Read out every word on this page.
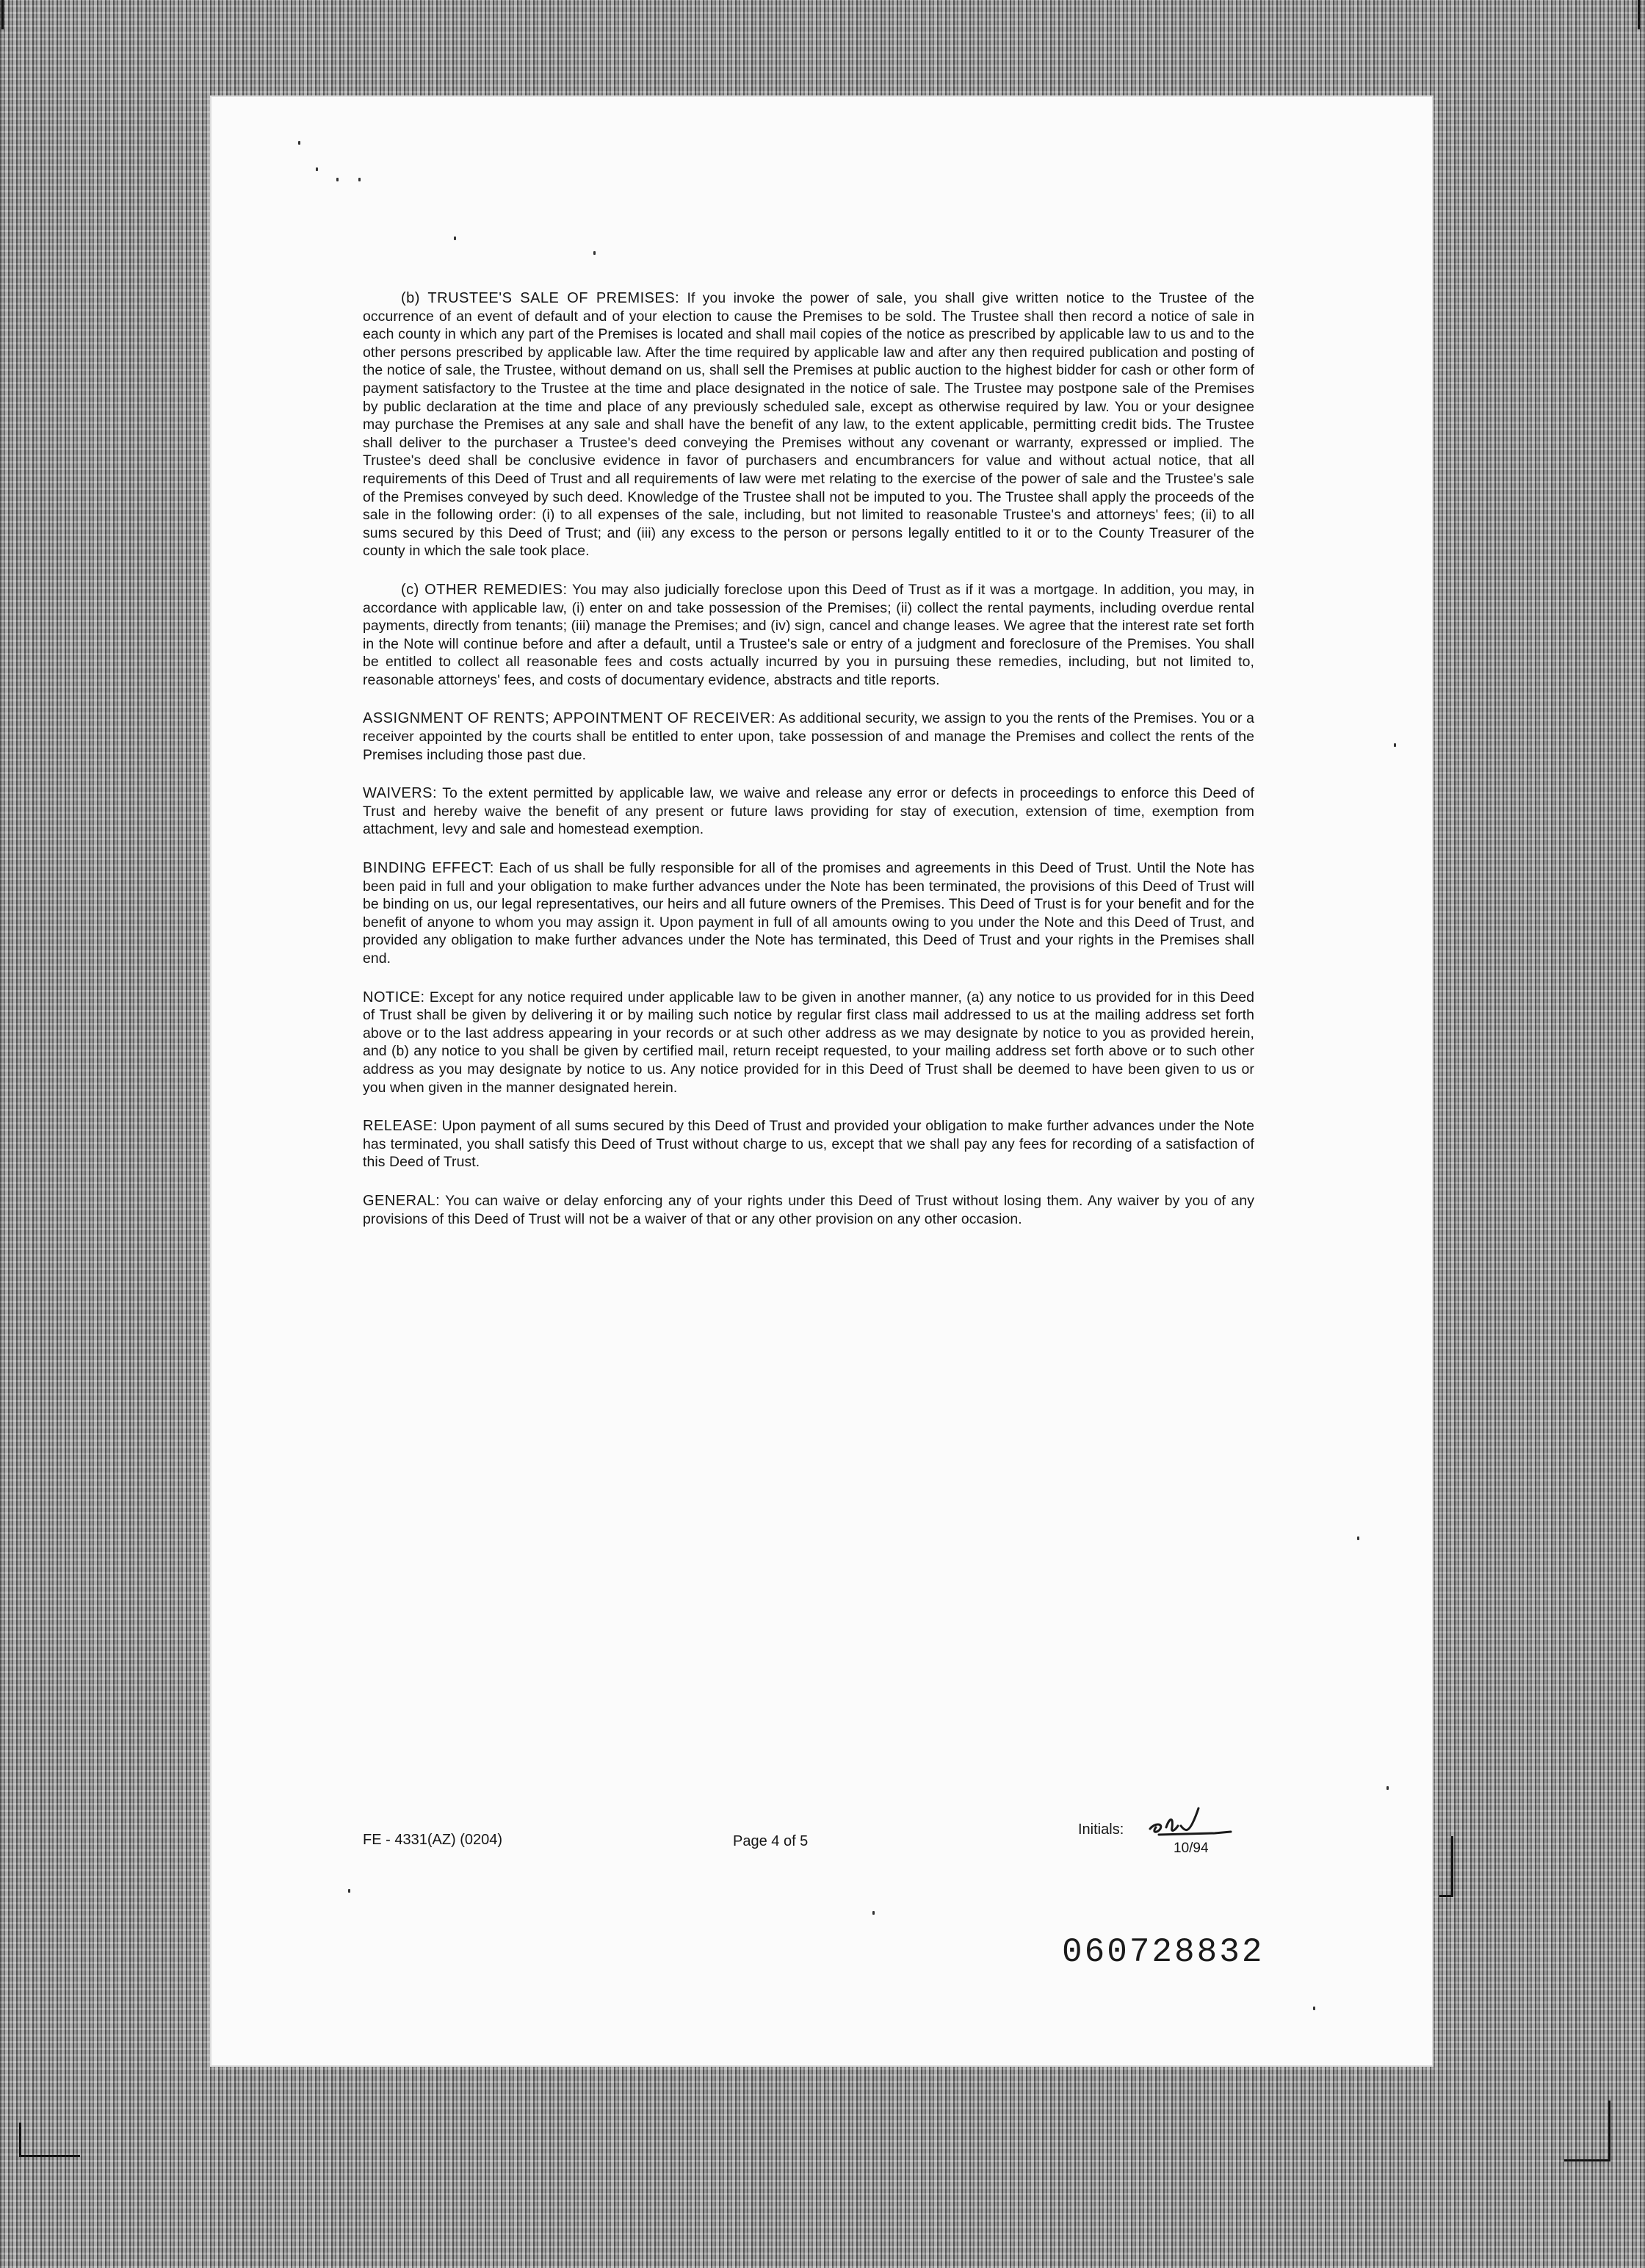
(b) TRUSTEE'S SALE OF PREMISES: If you invoke the power of sale, you shall give written notice to the Trustee of the occurrence of an event of default and of your election to cause the Premises to be sold. The Trustee shall then record a notice of sale in each county in which any part of the Premises is located and shall mail copies of the notice as prescribed by applicable law to us and to the other persons prescribed by applicable law. After the time required by applicable law and after any then required publication and posting of the notice of sale, the Trustee, without demand on us, shall sell the Premises at public auction to the highest bidder for cash or other form of payment satisfactory to the Trustee at the time and place designated in the notice of sale. The Trustee may postpone sale of the Premises by public declaration at the time and place of any previously scheduled sale, except as otherwise required by law. You or your designee may purchase the Premises at any sale and shall have the benefit of any law, to the extent applicable, permitting credit bids. The Trustee shall deliver to the purchaser a Trustee's deed conveying the Premises without any covenant or warranty, expressed or implied. The Trustee's deed shall be conclusive evidence in favor of purchasers and encumbrancers for value and without actual notice, that all requirements of this Deed of Trust and all requirements of law were met relating to the exercise of the power of sale and the Trustee's sale of the Premises conveyed by such deed. Knowledge of the Trustee shall not be imputed to you. The Trustee shall apply the proceeds of the sale in the following order: (i) to all expenses of the sale, including, but not limited to reasonable Trustee's and attorneys' fees; (ii) to all sums secured by this Deed of Trust; and (iii) any excess to the person or persons legally entitled to it or to the County Treasurer of the county in which the sale took place.

(c) OTHER REMEDIES: You may also judicially foreclose upon this Deed of Trust as if it was a mortgage. In addition, you may, in accordance with applicable law, (i) enter on and take possession of the Premises; (ii) collect the rental payments, including overdue rental payments, directly from tenants; (iii) manage the Premises; and (iv) sign, cancel and change leases. We agree that the interest rate set forth in the Note will continue before and after a default, until a Trustee's sale or entry of a judgment and foreclosure of the Premises. You shall be entitled to collect all reasonable fees and costs actually incurred by you in pursuing these remedies, including, but not limited to, reasonable attorneys' fees, and costs of documentary evidence, abstracts and title reports.

ASSIGNMENT OF RENTS; APPOINTMENT OF RECEIVER: As additional security, we assign to you the rents of the Premises. You or a receiver appointed by the courts shall be entitled to enter upon, take possession of and manage the Premises and collect the rents of the Premises including those past due.

WAIVERS: To the extent permitted by applicable law, we waive and release any error or defects in proceedings to enforce this Deed of Trust and hereby waive the benefit of any present or future laws providing for stay of execution, extension of time, exemption from attachment, levy and sale and homestead exemption.

BINDING EFFECT: Each of us shall be fully responsible for all of the promises and agreements in this Deed of Trust. Until the Note has been paid in full and your obligation to make further advances under the Note has been terminated, the provisions of this Deed of Trust will be binding on us, our legal representatives, our heirs and all future owners of the Premises. This Deed of Trust is for your benefit and for the benefit of anyone to whom you may assign it. Upon payment in full of all amounts owing to you under the Note and this Deed of Trust, and provided any obligation to make further advances under the Note has terminated, this Deed of Trust and your rights in the Premises shall end.

NOTICE: Except for any notice required under applicable law to be given in another manner, (a) any notice to us provided for in this Deed of Trust shall be given by delivering it or by mailing such notice by regular first class mail addressed to us at the mailing address set forth above or to the last address appearing in your records or at such other address as we may designate by notice to you as provided herein, and (b) any notice to you shall be given by certified mail, return receipt requested, to your mailing address set forth above or to such other address as you may designate by notice to us. Any notice provided for in this Deed of Trust shall be deemed to have been given to us or you when given in the manner designated herein.

RELEASE: Upon payment of all sums secured by this Deed of Trust and provided your obligation to make further advances under the Note has terminated, you shall satisfy this Deed of Trust without charge to us, except that we shall pay any fees for recording of a satisfaction of this Deed of Trust.

GENERAL: You can waive or delay enforcing any of your rights under this Deed of Trust without losing them. Any waiver by you of any provisions of this Deed of Trust will not be a waiver of that or any other provision on any other occasion.

FE - 4331(AZ) (0204)	Page 4 of 5
Initials:
10/94
060728832
